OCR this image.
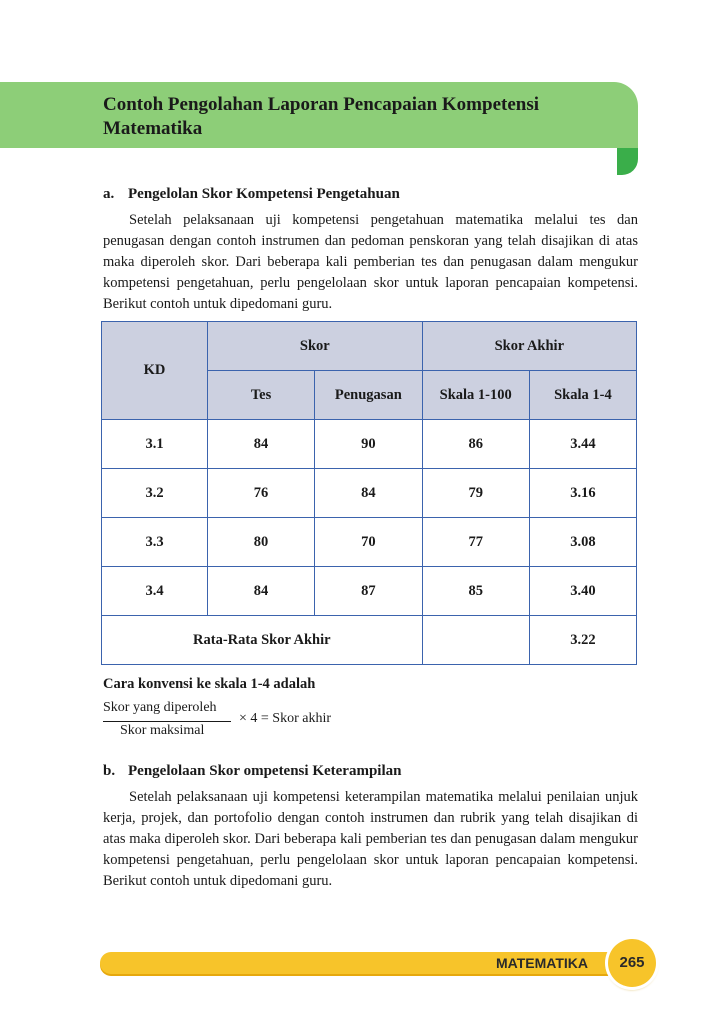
Contoh Pengolahan Laporan Pencapaian Kompetensi Matematika
a. Pengelolan Skor Kompetensi Pengetahuan
Setelah pelaksanaan uji kompetensi pengetahuan matematika melalui tes dan penugasan dengan contoh instrumen dan pedoman penskoran yang telah disajikan di atas maka diperoleh skor. Dari beberapa kali pemberian tes dan penugasan dalam mengukur kompetensi pengetahuan, perlu pengelolaan skor untuk laporan pencapaian kompetensi. Berikut contoh untuk dipedomani guru.
KD	Skor		Skor Akhir	
	Tes	Penugasan	Skala 1-100	Skala 1-4
3.1	84	90	86	3.44
3.2	76	84	79	3.16
3.3	80	70	77	3.08
3.4	84	87	85	3.40
Rata-Rata Skor Akhir				3.22
Cara konvensi ke skala 1-4 adalah
Skor yang diperoleh
Skor maksimal
× 4 = Skor akhir
b. Pengelolaan Skor ompetensi Keterampilan
Setelah pelaksanaan uji kompetensi keterampilan matematika melalui penilaian unjuk kerja, projek, dan portofolio dengan contoh instrumen dan rubrik yang telah disajikan di atas maka diperoleh skor. Dari beberapa kali pemberian tes dan penugasan dalam mengukur kompetensi pengetahuan, perlu pengelolaan skor untuk laporan pencapaian kompetensi. Berikut contoh untuk dipedomani guru.
MATEMATIKA	265
